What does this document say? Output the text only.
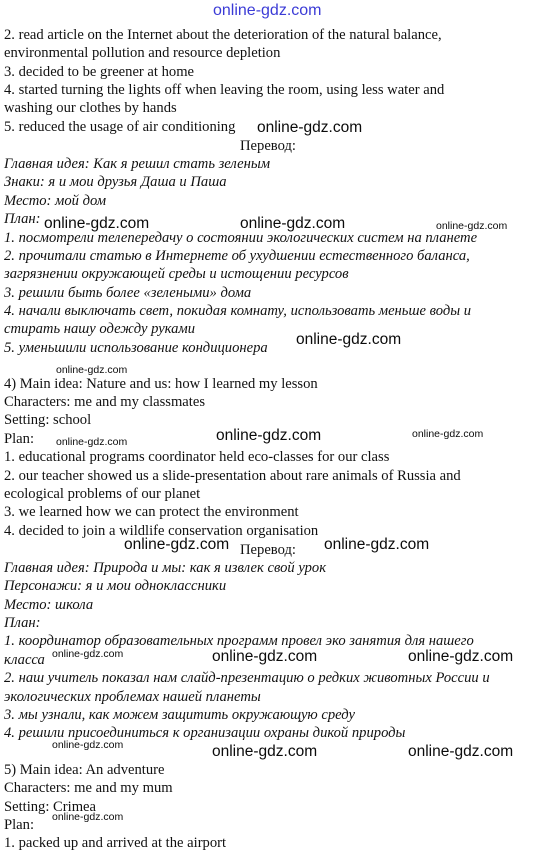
online-gdz.com
2. read article on the Internet about the deterioration of the natural balance,
environmental pollution and resource depletion
3. decided to be greener at home
4. started turning the lights off when leaving the room, using less water and
washing our clothes by hands
5. reduced the usage of air conditioning
Перевод:
Главная идея: Как я решил стать зеленым
Знаки: я и мои друзья Даша и Паша
Место: мой дом
План:
1. посмотрели телепередачу о состоянии экологических систем на планете
2. прочитали статью в Интернете об ухудшении естественного баланса,
загрязнении окружающей среды и истощении ресурсов
3. решили быть более «зелеными» дома
4. начали выключать свет, покидая комнату, использовать меньше воды и
стирать нашу одежду руками
5. уменьшили использование кондиционера
4) Main idea: Nature and us: how I learned my lesson
Characters: me and my classmates
Setting: school
Plan:
1. educational programs coordinator held eco-classes for our class
2. our teacher showed us a slide-presentation about rare animals of Russia and
ecological problems of our planet
3. we learned how we can protect the environment
4. decided to join a wildlife conservation organisation
Перевод:
Главная идея: Природа и мы: как я извлек свой урок
Персонажи: я и мои одноклассники
Место: школа
План:
1. координатор образовательных программ провел эко занятия для нашего
класса
2. наш учитель показал нам слайд-презентацию о редких животных России и
экологических проблемах нашей планеты
3. мы узнали, как можем защитить окружающую среду
4. решили присоединиться к организации охраны дикой природы
5) Main idea: An adventure
Characters: me and my mum
Setting: Crimea
Plan:
1. packed up and arrived at the airport
online-gdz.com
online-gdz.com	online-gdz.com	online-gdz.com
online-gdz.com
online-gdz.com
online-gdz.com	online-gdz.com
online-gdz.com
online-gdz.com	online-gdz.com
online-gdz.com	online-gdz.com	online-gdz.com
online-gdz.com	online-gdz.com	online-gdz.com
online-gdz.com
